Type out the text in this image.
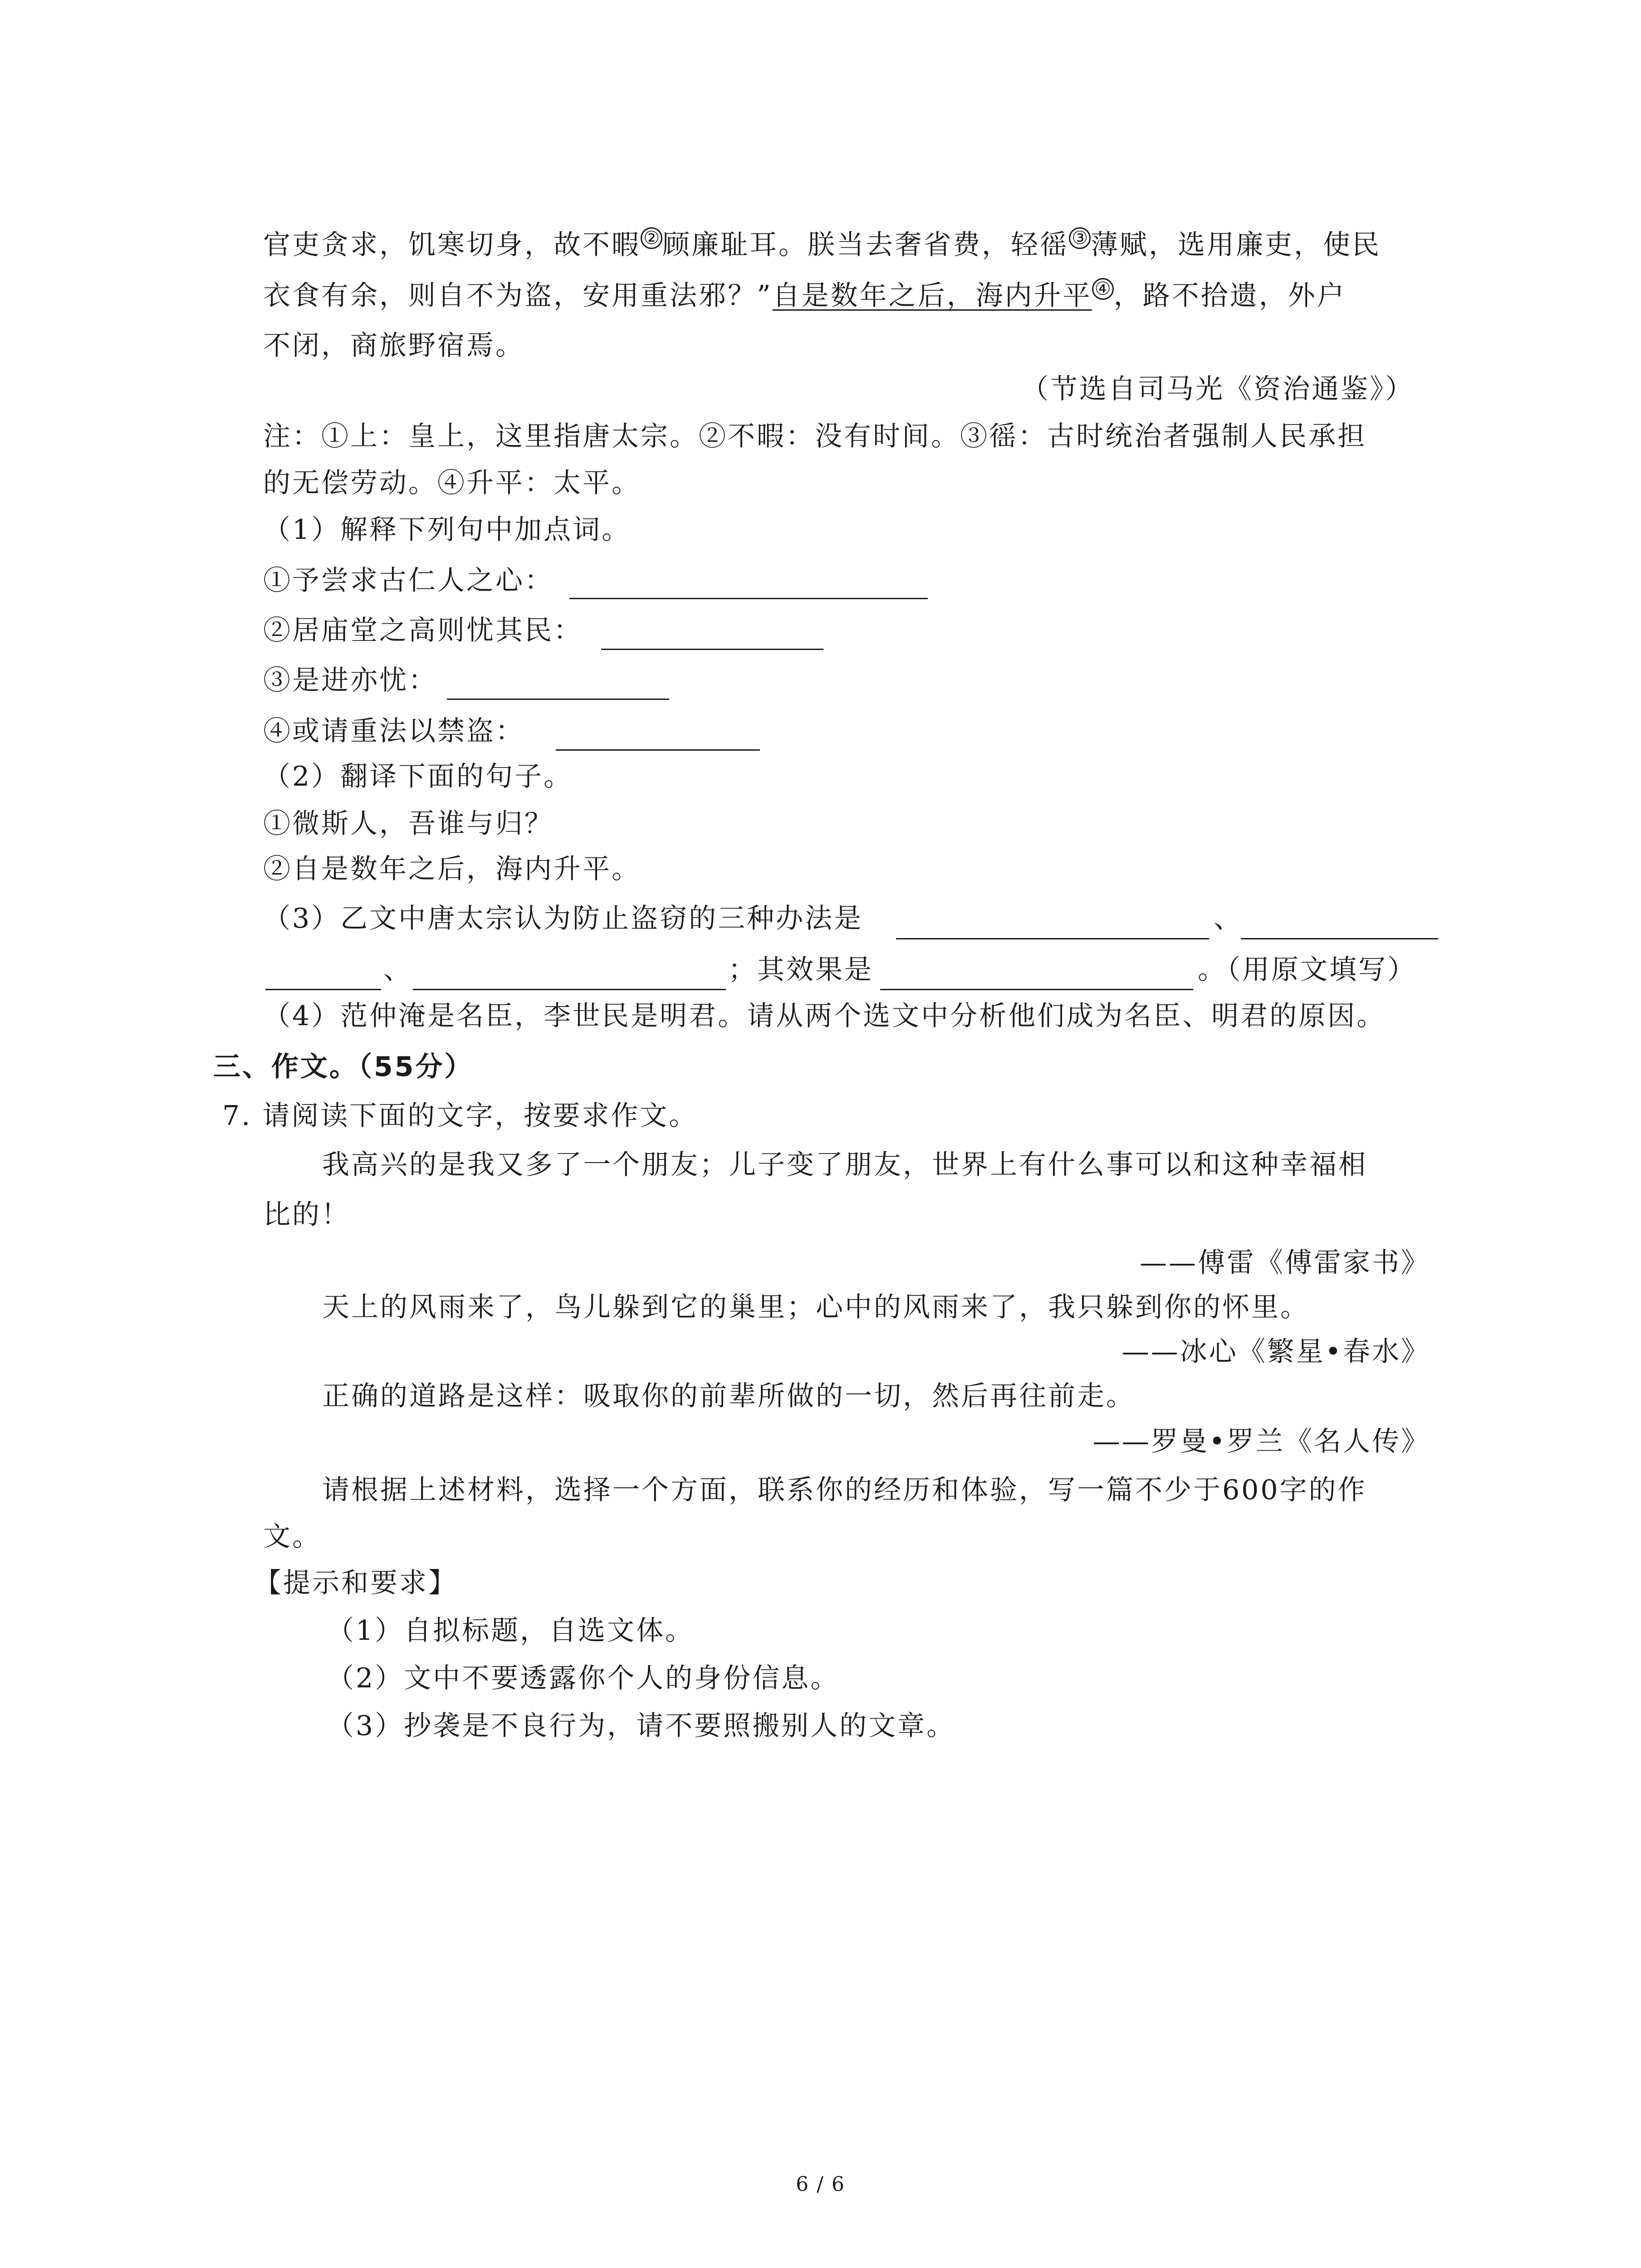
官吏贪求，饥寒切身，故不暇 ② 顾廉耻耳。朕当去奢省费，轻徭 ③ 薄赋，选用廉吏，使民
衣食有余，则自不为盗，安用重法邪？”自是数年之后，海内升平 ④ ，路不拾遗，外户
不闭，商旅野宿焉。
（节选自司马光《资治通鉴》）
注：①上：皇上，这里指唐太宗。②不暇：没有时间。③徭：古时统治者强制人民承担
的无偿劳动。④升平：太平。
（1）解释下列句中加点词。
①予尝求古仁人之心：
②居庙堂之高则忧其民：
③是进亦忧：
④或请重法以禁盗：
（2）翻译下面的句子。
①微斯人，吾谁与归？
②自是数年之后，海内升平。
（3）乙文中唐太宗认为防止盗窃的三种办法是	、
、	；其效果是	。（用原文填写）
（4）范仲淹是名臣，李世民是明君。请从两个选文中分析他们成为名臣、明君的原因。
三、作文。（55分）
7. 请阅读下面的文字，按要求作文。
我高兴的是我又多了一个朋友；儿子变了朋友，世界上有什么事可以和这种幸福相
比的！
——傅雷《傅雷家书》
天上的风雨来了，鸟儿躲到它的巢里；心中的风雨来了，我只躲到你的怀里。
——冰心《繁星•春水》
正确的道路是这样：吸取你的前辈所做的一切，然后再往前走。
——罗曼•罗兰《名人传》
请根据上述材料，选择一个方面，联系你的经历和体验，写一篇不少于600字的作
文。
【提示和要求】
（1）自拟标题，自选文体。
（2）文中不要透露你个人的身份信息。
（3）抄袭是不良行为，请不要照搬别人的文章。
6 / 6
